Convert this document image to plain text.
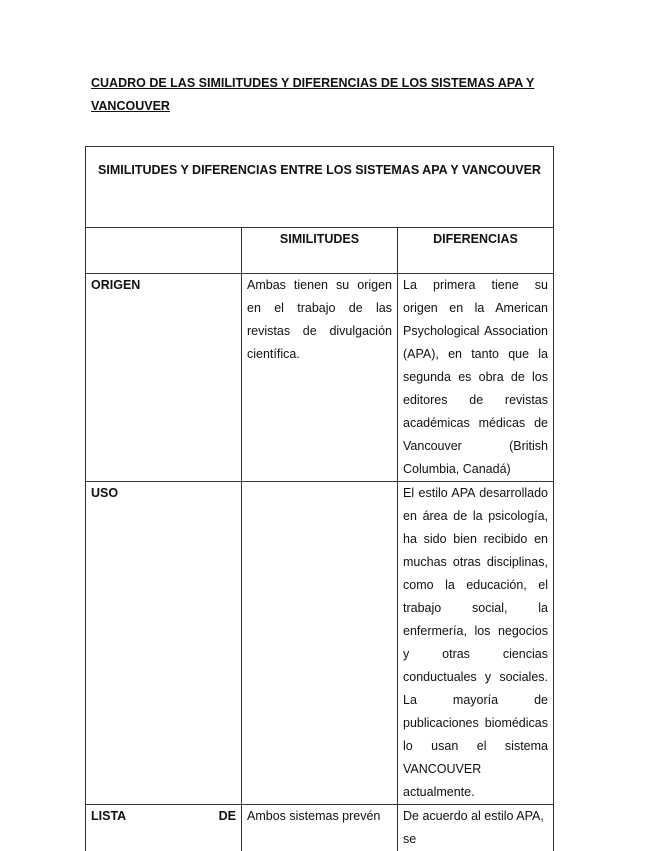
CUADRO DE LAS SIMILITUDES Y DIFERENCIAS DE LOS SISTEMAS APA Y VANCOUVER
SIMILITUDES Y DIFERENCIAS ENTRE LOS SISTEMAS APA Y VANCOUVER		
	SIMILITUDES	DIFERENCIAS
ORIGEN	Ambas tienen su origen en el trabajo de las revistas de divulgación científica.	La primera tiene su origen en la American Psychological Association (APA), en tanto que la segunda es obra de los editores de revistas académicas médicas de Vancouver (British Columbia, Canadá)
USO		El estilo APA desarrollado en área de la psicología, ha sido bien recibido en muchas otras disciplinas, como la educación, el trabajo social, la enfermería, los negocios y otras ciencias conductuales y sociales. La mayoría de publicaciones biomédicas lo usan el sistema VANCOUVER actualmente.

LISTA DE	Ambos sistemas prevén	De acuerdo al estilo APA, se
